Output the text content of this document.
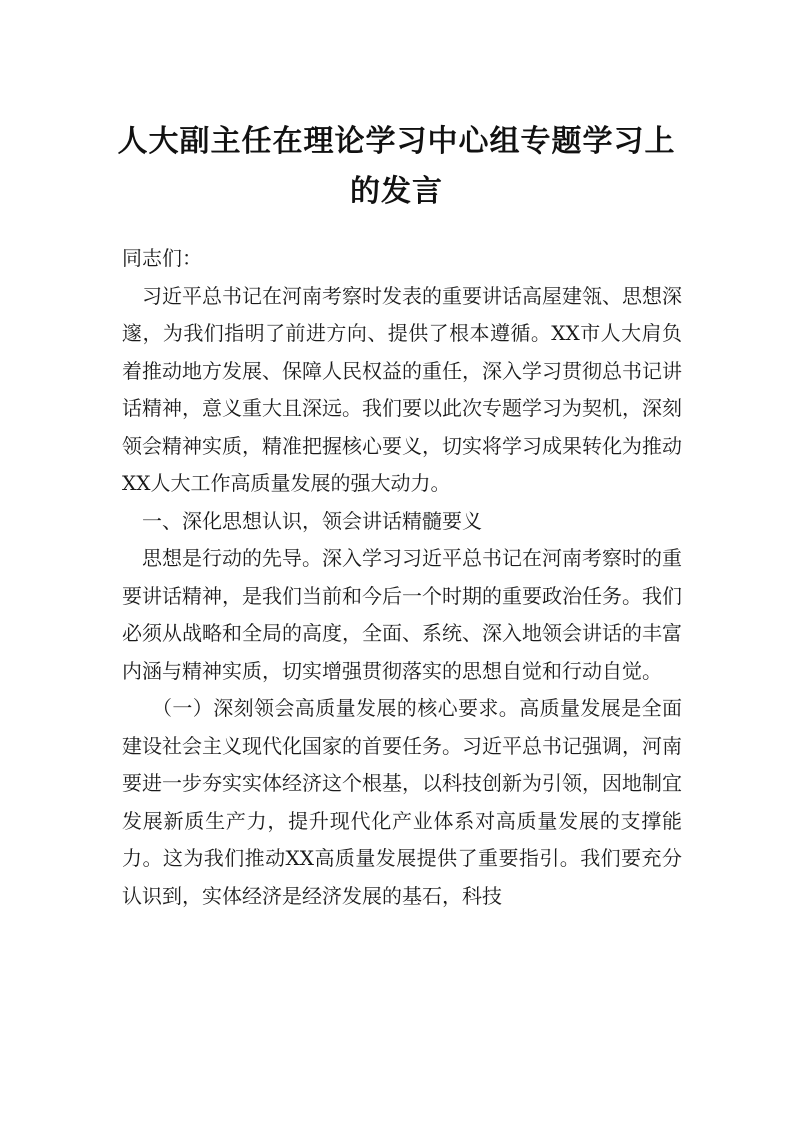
人大副主任在理论学习中心组专题学习上
的发言

同志们：

习近平总书记在河南考察时发表的重要讲话高屋建瓴、思想深邃，为我们指明了前进方向、提供了根本遵循。XX市人大肩负着推动地方发展、保障人民权益的重任，深入学习贯彻总书记讲话精神，意义重大且深远。我们要以此次专题学习为契机，深刻领会精神实质，精准把握核心要义，切实将学习成果转化为推动XX人大工作高质量发展的强大动力。

一、深化思想认识，领会讲话精髓要义

思想是行动的先导。深入学习习近平总书记在河南考察时的重要讲话精神，是我们当前和今后一个时期的重要政治任务。我们必须从战略和全局的高度，全面、系统、深入地领会讲话的丰富内涵与精神实质，切实增强贯彻落实的思想自觉和行动自觉。

（一）深刻领会高质量发展的核心要求。高质量发展是全面建设社会主义现代化国家的首要任务。习近平总书记强调，河南要进一步夯实实体经济这个根基，以科技创新为引领，因地制宜发展新质生产力，提升现代化产业体系对高质量发展的支撑能力。这为我们推动XX高质量发展提供了重要指引。我们要充分认识到，实体经济是经济发展的基石，科技
